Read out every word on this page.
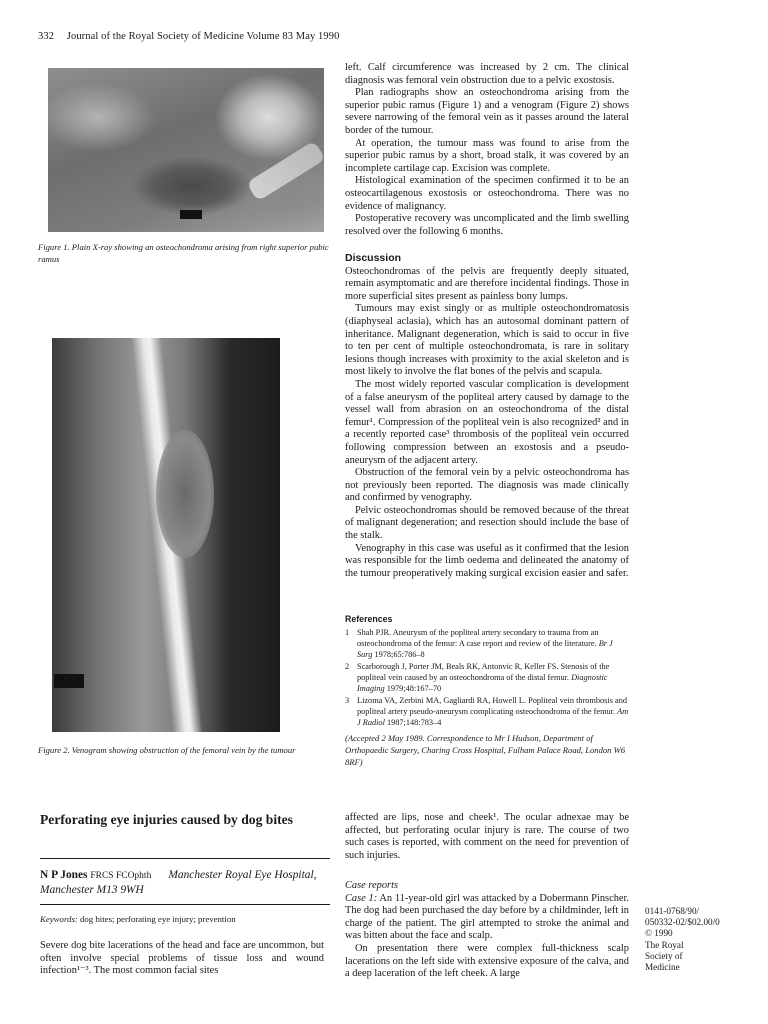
332 Journal of the Royal Society of Medicine Volume 83 May 1990
Figure 1. Plain X-ray showing an osteochondroma arising from right superior pubic ramus
Figure 2. Venogram showing obstruction of the femoral vein by the tumour

left. Calf circumference was increased by 2 cm. The clinical diagnosis was femoral vein obstruction due to a pelvic exostosis.

Plan radiographs show an osteochondroma arising from the superior pubic ramus (Figure 1) and a venogram (Figure 2) shows severe narrowing of the femoral vein as it passes around the lateral border of the tumour.

At operation, the tumour mass was found to arise from the superior pubic ramus by a short, broad stalk, it was covered by an incomplete cartilage cap. Excision was complete.

Histological examination of the specimen confirmed it to be an osteocartilagenous exostosis or osteochondroma. There was no evidence of malignancy.

Postoperative recovery was uncomplicated and the limb swelling resolved over the following 6 months.

Discussion

Osteochondromas of the pelvis are frequently deeply situated, remain asymptomatic and are therefore incidental findings. Those in more superficial sites present as painless bony lumps.

Tumours may exist singly or as multiple osteochondromatosis (diaphyseal aclasia), which has an autosomal dominant pattern of inheritance. Malignant degeneration, which is said to occur in five to ten per cent of multiple osteochondromata, is rare in solitary lesions though increases with proximity to the axial skeleton and is most likely to involve the flat bones of the pelvis and scapula.

The most widely reported vascular complication is development of a false aneurysm of the popliteal artery caused by damage to the vessel wall from abrasion on an osteochondroma of the distal femur¹. Compression of the popliteal vein is also recognized² and in a recently reported case³ thrombosis of the popliteal vein occurred following compression between an exostosis and a pseudo-aneurysm of the adjacent artery.

Obstruction of the femoral vein by a pelvic osteochondroma has not previously been reported. The diagnosis was made clinically and confirmed by venography.

Pelvic osteochondromas should be removed because of the threat of malignant degeneration; and resection should include the base of the stalk.

Venography in this case was useful as it confirmed that the lesion was responsible for the limb oedema and delineated the anatomy of the tumour preoperatively making surgical excision easier and safer.

References
1 Shah PJR. Aneurysm of the popliteal artery secondary to trauma from an osteochondroma of the femur: A case report and review of the literature. Br J Surg 1978;65:786–8
2 Scarborough J, Porter JM, Beals RK, Antonvic R, Keller FS. Stenosis of the popliteal vein caused by an osteochondroma of the distal femur. Diagnostic Imaging 1979;48:167–70
3 Lizoma VA, Zerbini MA, Gagliardi RA, Howell L. Popliteal vein thrombosis and popliteal artery pseudo-aneurysm complicating osteochondroma of the femur. Am J Radiol 1987;148:783–4
(Accepted 2 May 1989. Correspondence to Mr I Hudson, Department of Orthopaedic Surgery, Charing Cross Hospital, Fulham Palace Road, London W6 8RF)
Perforating eye injuries caused by dog bites
N P Jones FRCS FCOphth Manchester Royal Eye Hospital, Manchester M13 9WH
Keywords: dog bites; perforating eye injury; prevention

Severe dog bite lacerations of the head and face are uncommon, but often involve special problems of tissue loss and wound infection¹⁻³. The most common facial sites

affected are lips, nose and cheek¹. The ocular adnexae may be affected, but perforating ocular injury is rare. The course of two such cases is reported, with comment on the need for prevention of such injuries.

Case reports

Case 1: An 11-year-old girl was attacked by a Dobermann Pinscher. The dog had been purchased the day before by a childminder, left in charge of the patient. The girl attempted to stroke the animal and was bitten about the face and scalp.

On presentation there were complex full-thickness scalp lacerations on the left side with extensive exposure of the calva, and a deep laceration of the left cheek. A large

0141-0768/90/
050332-02/$02.00/0
© 1990
The Royal
Society of
Medicine
